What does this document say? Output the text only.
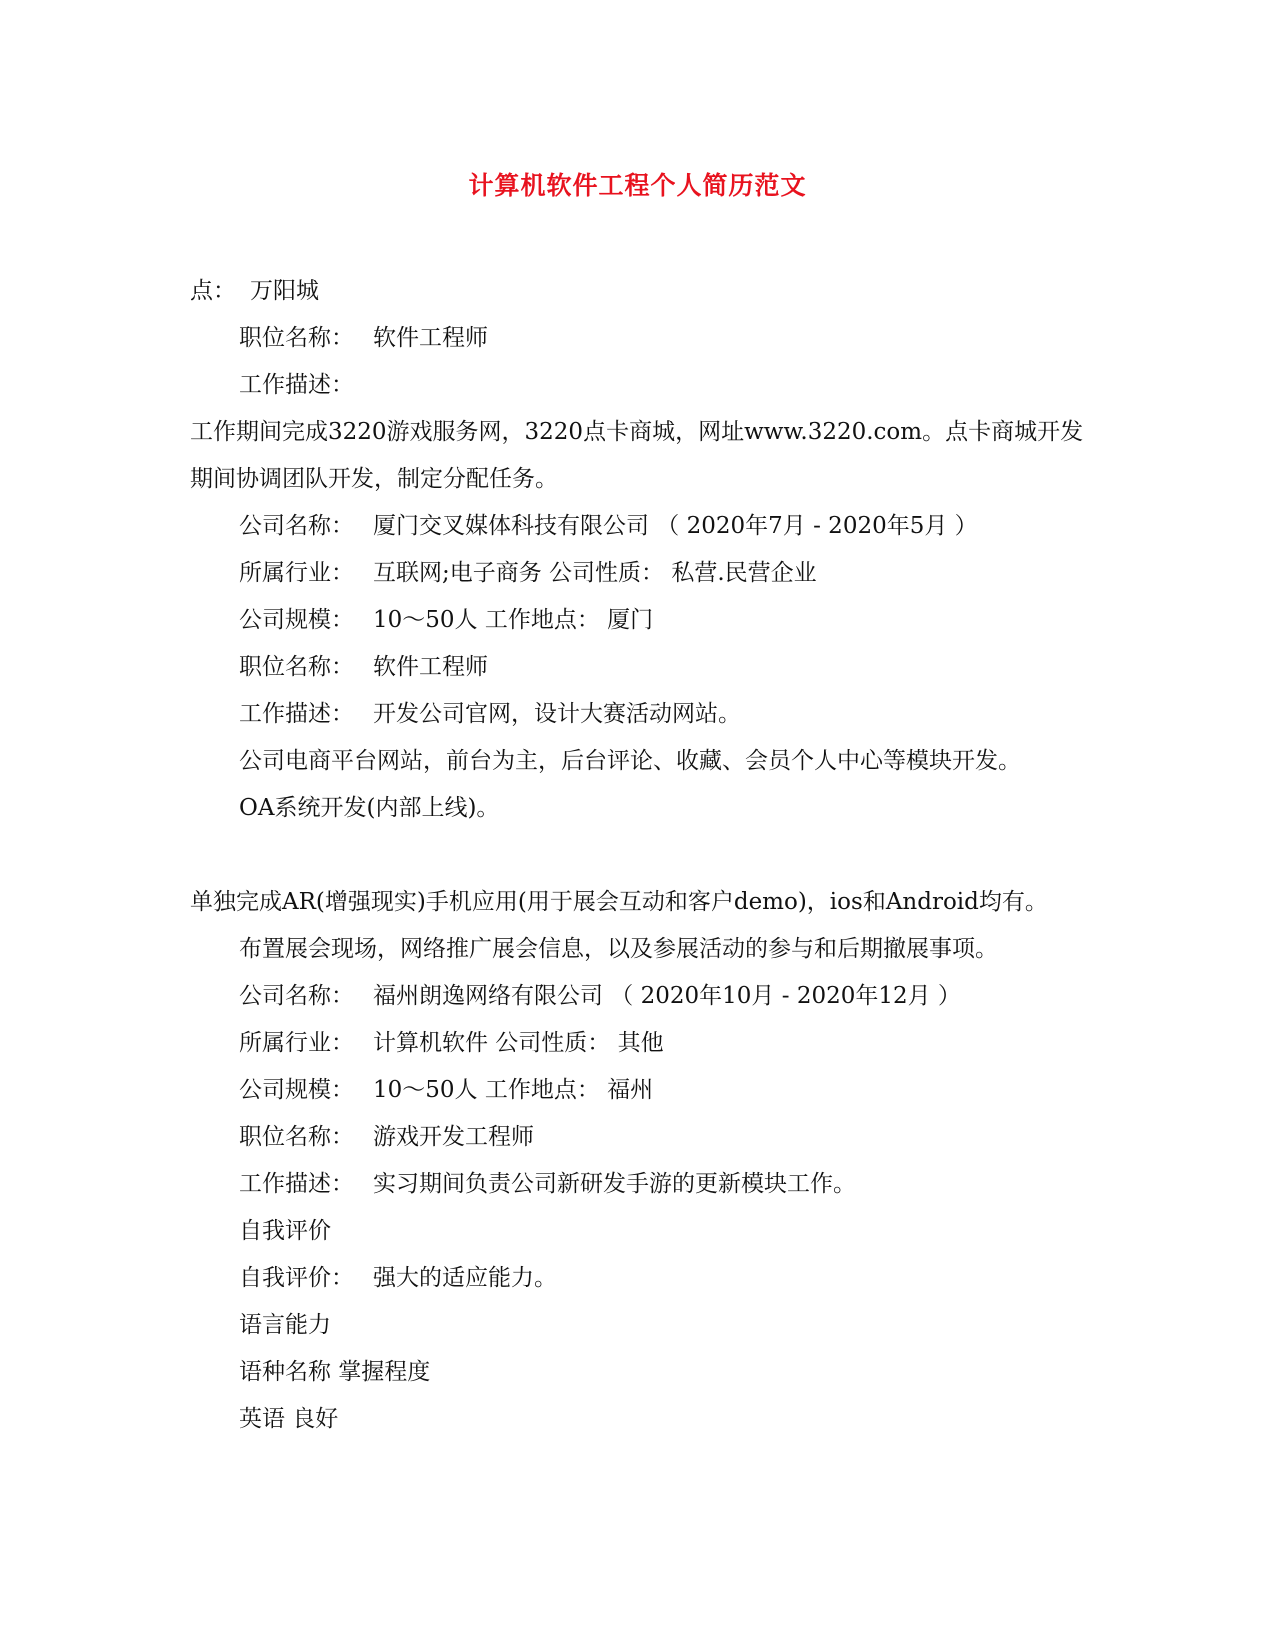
计算机软件工程个人简历范文
点： 万阳城
职位名称： 软件工程师
工作描述：
工作期间完成3220游戏服务网，3220点卡商城，网址www.3220.com。点卡商城开发
期间协调团队开发，制定分配任务。
公司名称： 厦门交叉媒体科技有限公司 （ 2020年7月 - 2020年5月 ）
所属行业： 互联网;电子商务 公司性质： 私营.民营企业
公司规模： 10～50人 工作地点： 厦门
职位名称： 软件工程师
工作描述： 开发公司官网，设计大赛活动网站。
公司电商平台网站，前台为主，后台评论、收藏、会员个人中心等模块开发。
OA系统开发(内部上线)。
单独完成AR(增强现实)手机应用(用于展会互动和客户demo)，ios和Android均有。
布置展会现场，网络推广展会信息，以及参展活动的参与和后期撤展事项。
公司名称： 福州朗逸网络有限公司 （ 2020年10月 - 2020年12月 ）
所属行业： 计算机软件 公司性质： 其他
公司规模： 10～50人 工作地点： 福州
职位名称： 游戏开发工程师
工作描述： 实习期间负责公司新研发手游的更新模块工作。
自我评价
自我评价： 强大的适应能力。
语言能力
语种名称 掌握程度
英语 良好
